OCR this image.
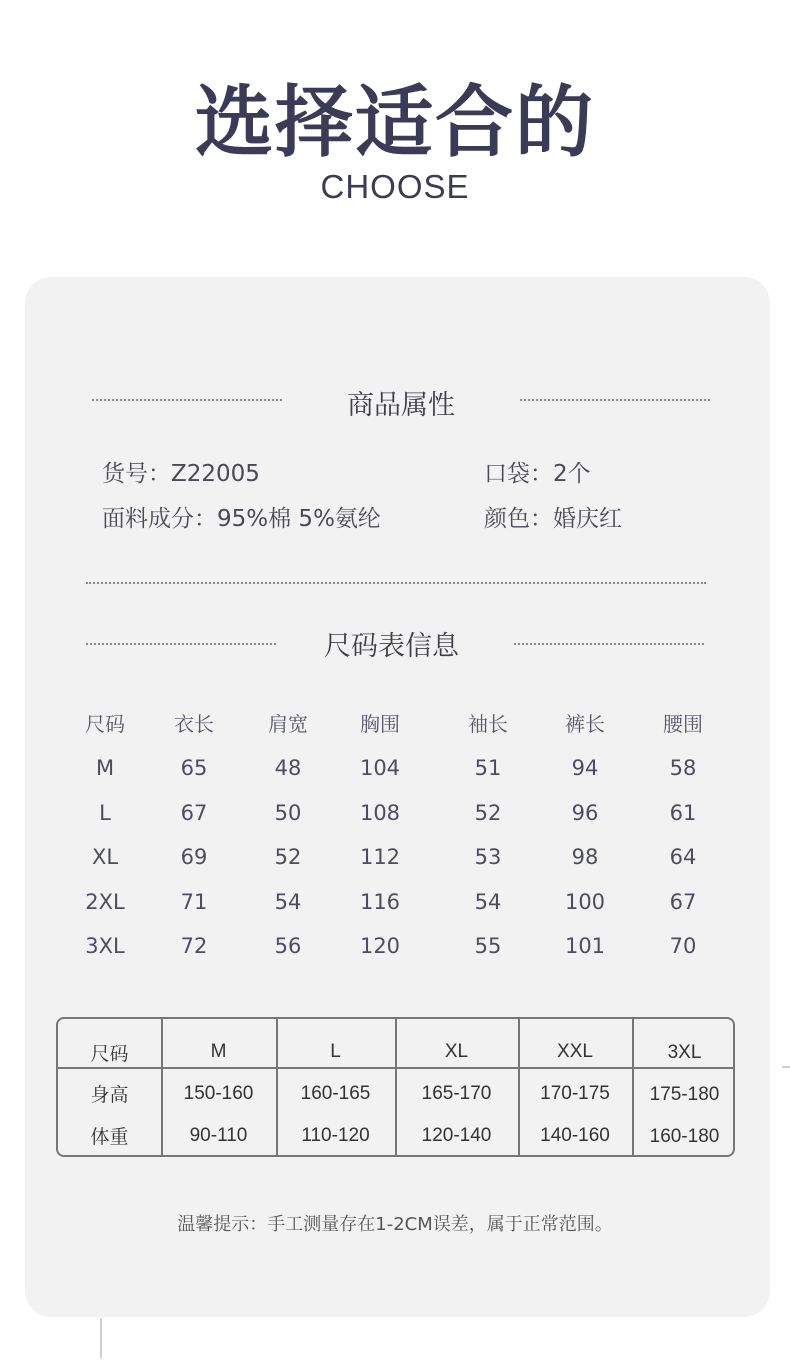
选择适合的
CHOOSE
商品属性
货号：Z22005	口袋：2个
面料成分：95%棉 5%氨纶	颜色：婚庆红
尺码表信息
尺码	衣长	肩宽	胸围	袖长	裤长	腰围
M	65	48	104	51	94	58
L	67	50	108	52	96	61
XL	69	52	112	53	98	64
2XL	71	54	116	54	100	67
3XL	72	56	120	55	101	70
尺码	M	L	XL	XXL	3XL
身高	150-160	160-165	165-170	170-175	175-180
体重	90-110	110-120	120-140	140-160	160-180
温馨提示：手工测量存在1-2CM误差，属于正常范围。
